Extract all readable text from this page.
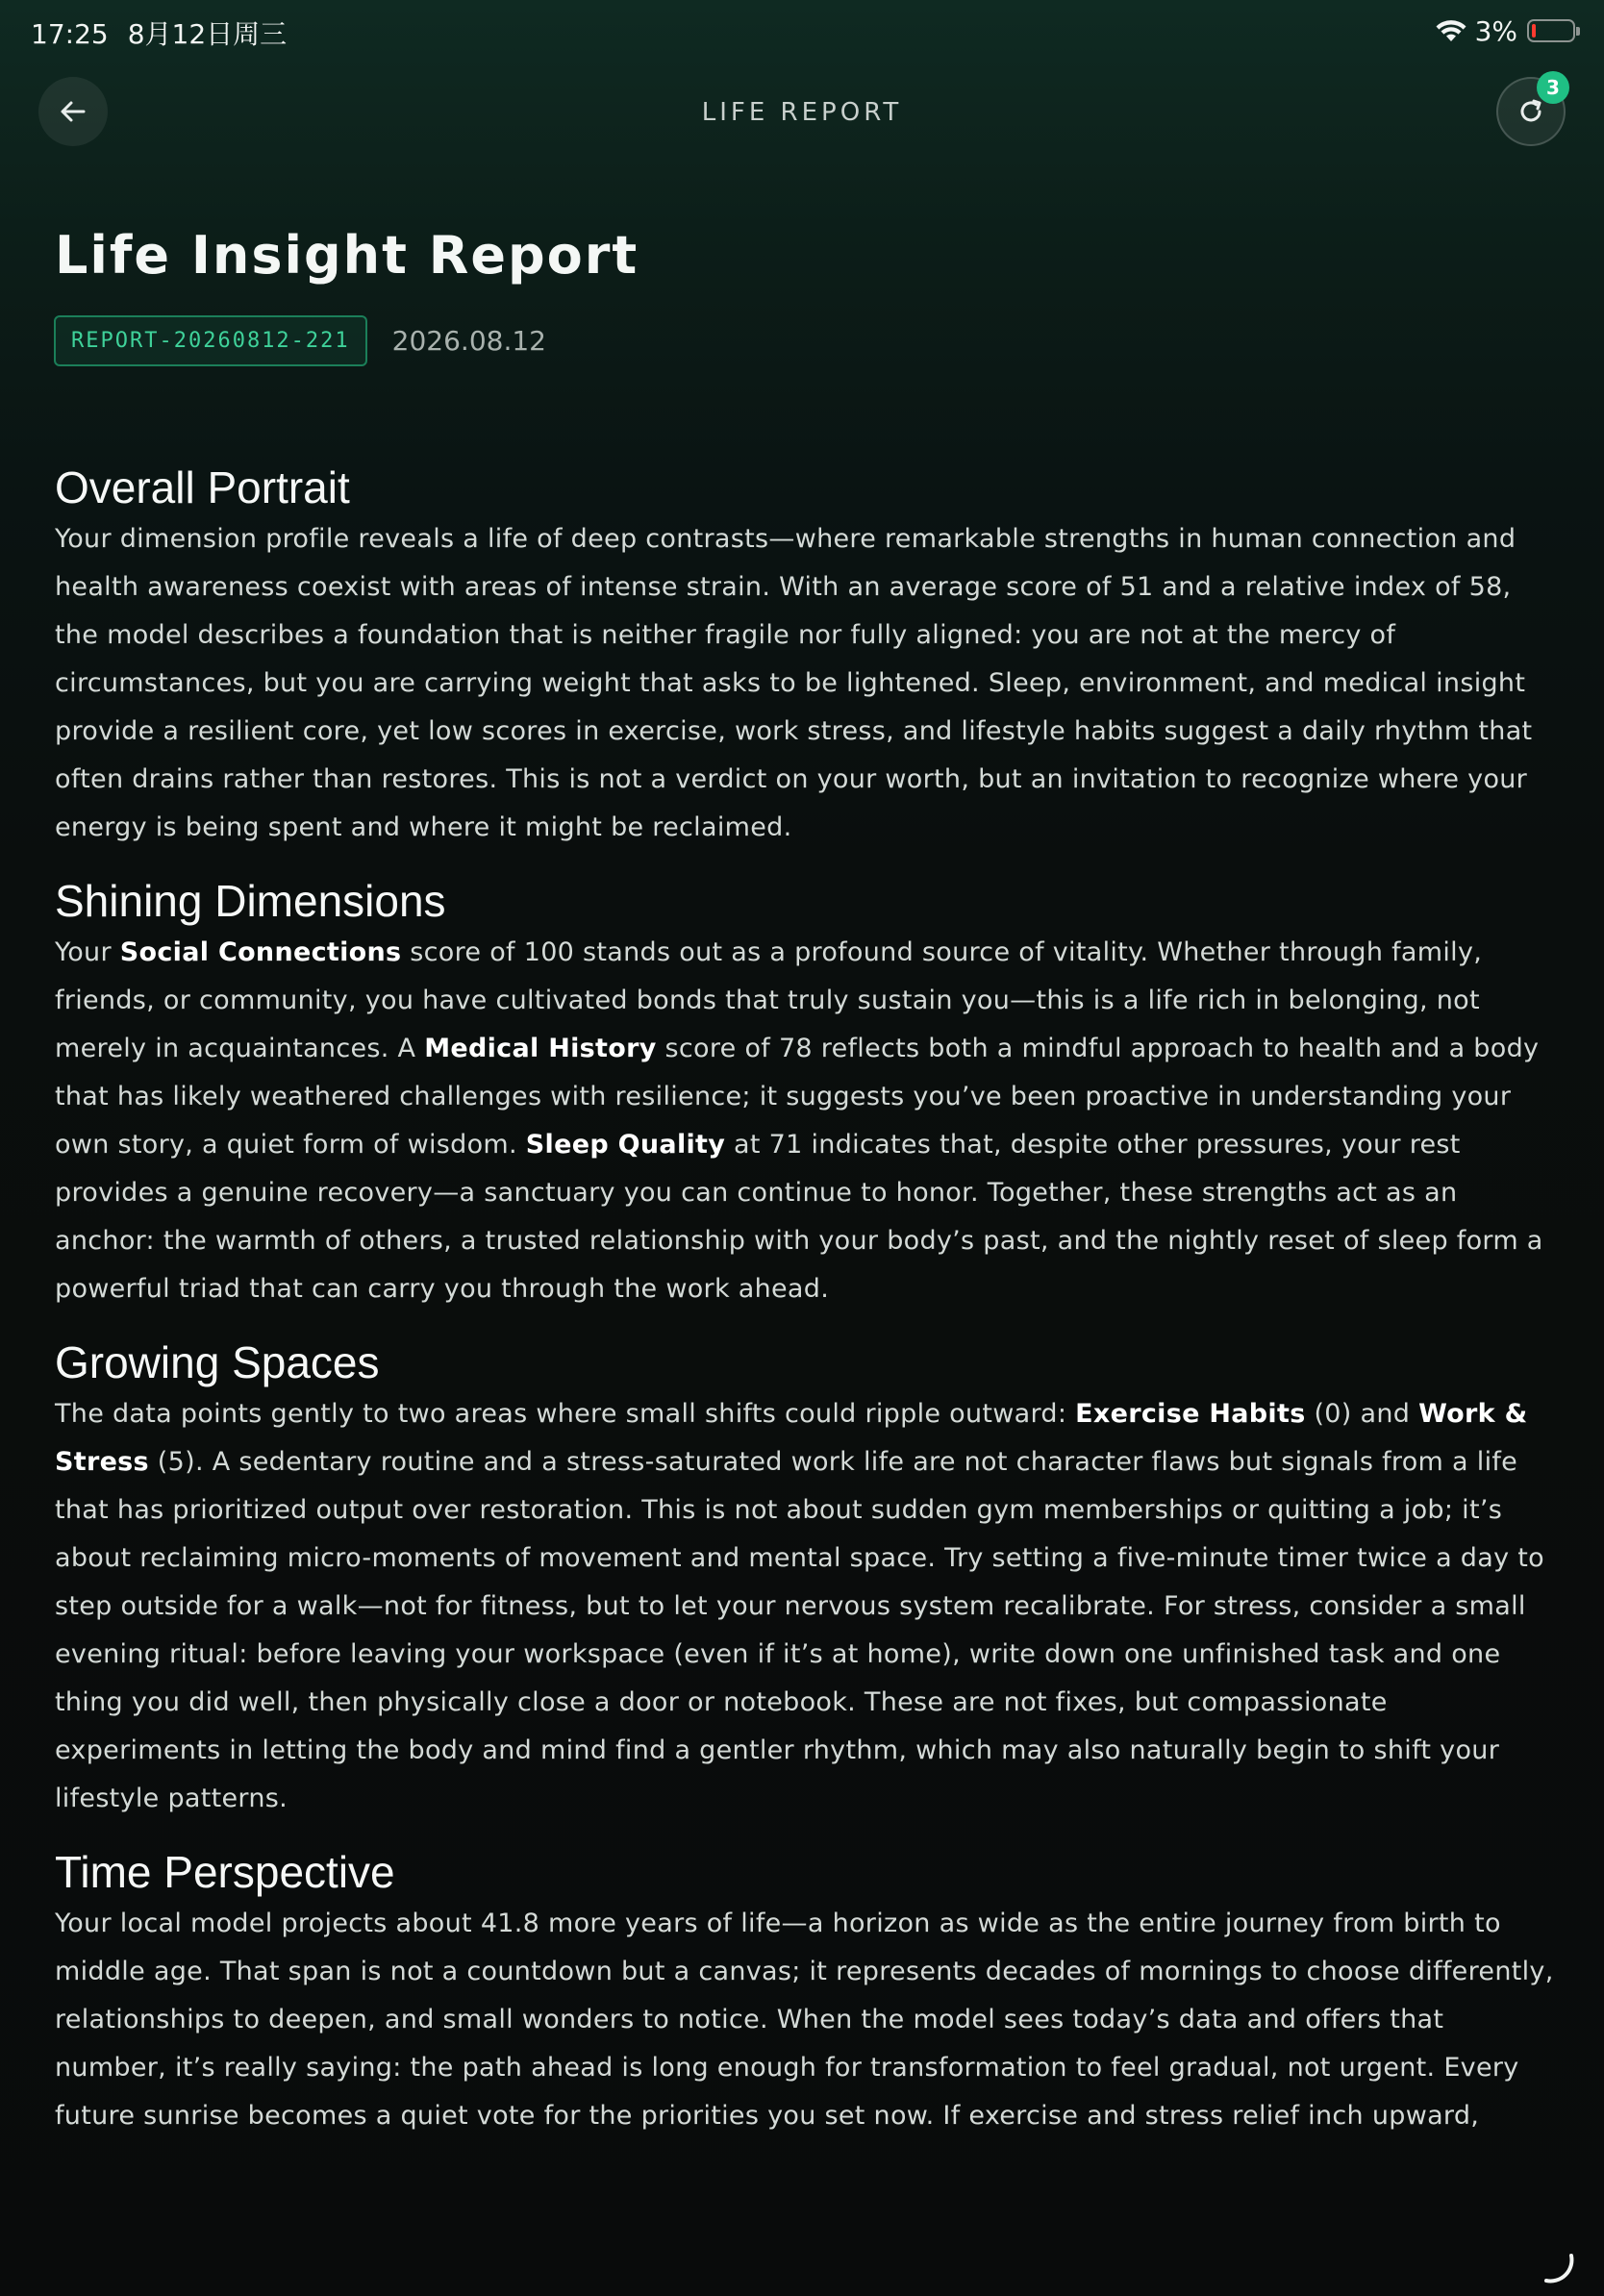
17:25 8月12日周三	3%
LIFE REPORT
3
Life Insight Report
REPORT-20260812-221	2026.08.12
Overall Portrait

Your dimension profile reveals a life of deep contrasts—where remarkable strengths in human connection and health awareness coexist with areas of intense strain. With an average score of 51 and a relative index of 58, the model describes a foundation that is neither fragile nor fully aligned: you are not at the mercy of circumstances, but you are carrying weight that asks to be lightened. Sleep, environment, and medical insight provide a resilient core, yet low scores in exercise, work stress, and lifestyle habits suggest a daily rhythm that often drains rather than restores. This is not a verdict on your worth, but an invitation to recognize where your energy is being spent and where it might be reclaimed.

Shining Dimensions

Your Social Connections score of 100 stands out as a profound source of vitality. Whether through family, friends, or community, you have cultivated bonds that truly sustain you—this is a life rich in belonging, not merely in acquaintances. A Medical History score of 78 reflects both a mindful approach to health and a body that has likely weathered challenges with resilience; it suggests you’ve been proactive in understanding your own story, a quiet form of wisdom. Sleep Quality at 71 indicates that, despite other pressures, your rest provides a genuine recovery—a sanctuary you can continue to honor. Together, these strengths act as an anchor: the warmth of others, a trusted relationship with your body’s past, and the nightly reset of sleep form a powerful triad that can carry you through the work ahead.

Growing Spaces

The data points gently to two areas where small shifts could ripple outward: Exercise Habits (0) and Work & Stress (5). A sedentary routine and a stress-saturated work life are not character flaws but signals from a life that has prioritized output over restoration. This is not about sudden gym memberships or quitting a job; it’s about reclaiming micro-moments of movement and mental space. Try setting a five-minute timer twice a day to step outside for a walk—not for fitness, but to let your nervous system recalibrate. For stress, consider a small evening ritual: before leaving your workspace (even if it’s at home), write down one unfinished task and one thing you did well, then physically close a door or notebook. These are not fixes, but compassionate experiments in letting the body and mind find a gentler rhythm, which may also naturally begin to shift your lifestyle patterns.

Time Perspective

Your local model projects about 41.8 more years of life—a horizon as wide as the entire journey from birth to middle age. That span is not a countdown but a canvas; it represents decades of mornings to choose differently, relationships to deepen, and small wonders to notice. When the model sees today’s data and offers that number, it’s really saying: the path ahead is long enough for transformation to feel gradual, not urgent. Every future sunrise becomes a quiet vote for the priorities you set now. If exercise and stress relief inch upward,
